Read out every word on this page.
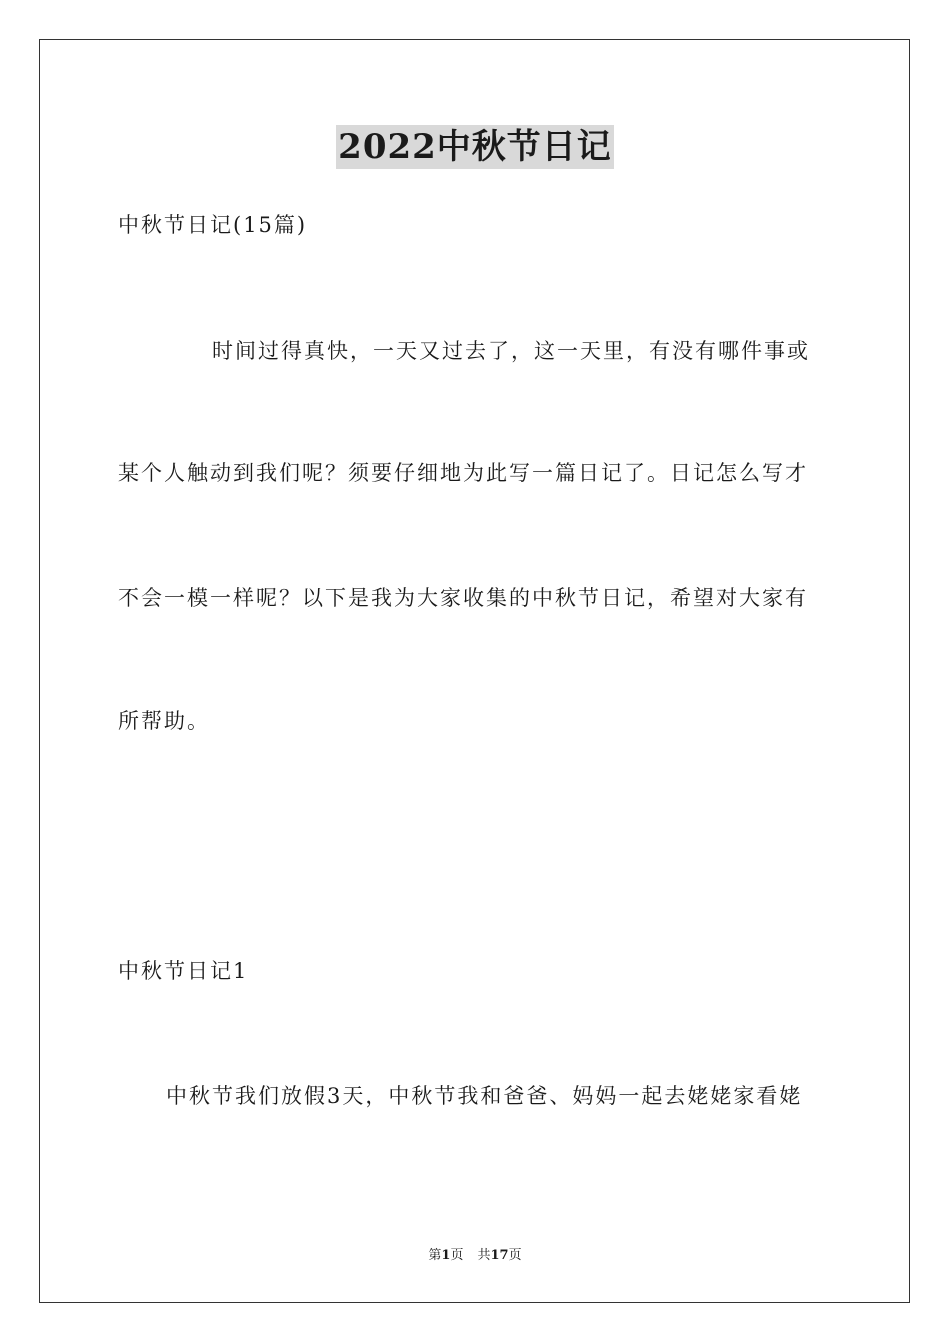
2022中秋节日记
中秋节日记(15篇)
时间过得真快，一天又过去了，这一天里，有没有哪件事或
某个人触动到我们呢？须要仔细地为此写一篇日记了。日记怎么写才
不会一模一样呢？以下是我为大家收集的中秋节日记，希望对大家有
所帮助。
中秋节日记1
中秋节我们放假3天，中秋节我和爸爸、妈妈一起去姥姥家看姥
第1页 共17页
